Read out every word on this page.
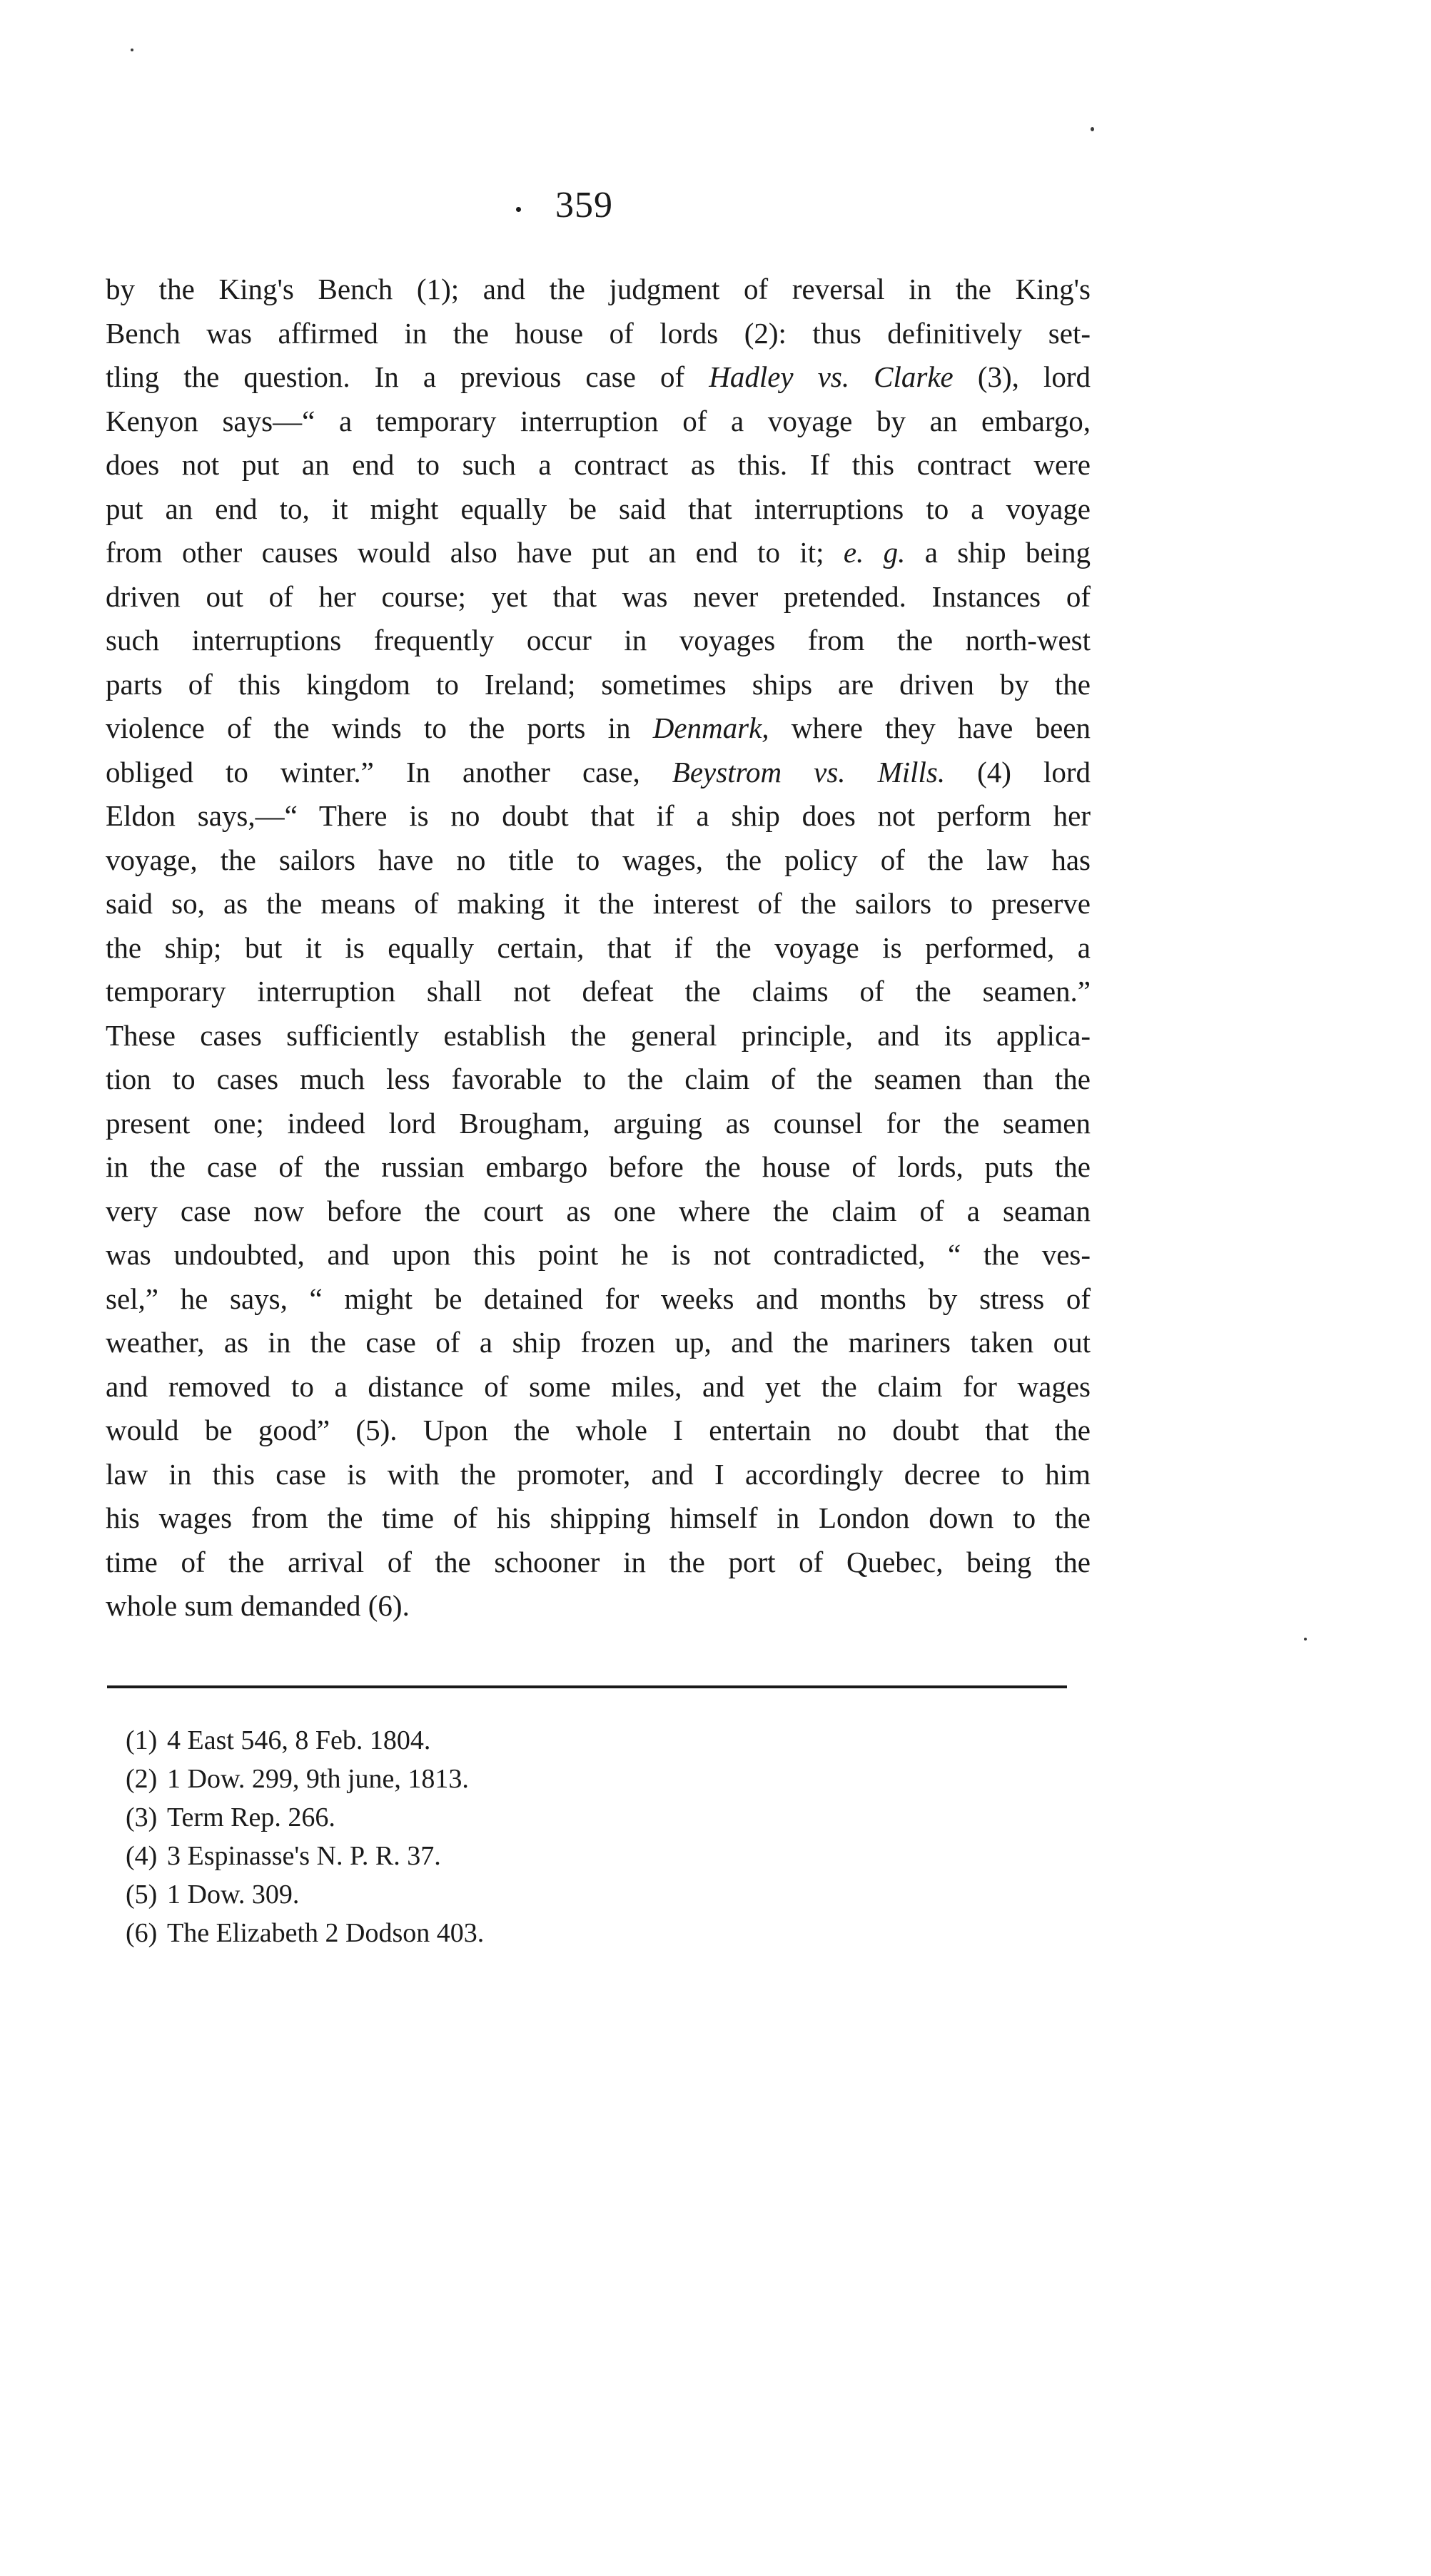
359
by the King's Bench (1); and the judgment of reversal in the King's
Bench was affirmed in the house of lords (2): thus definitively set-
tling the question. In a previous case of Hadley vs. Clarke (3), lord
Kenyon says—“ a temporary interruption of a voyage by an embargo,
does not put an end to such a contract as this. If this contract were
put an end to, it might equally be said that interruptions to a voyage
from other causes would also have put an end to it; e. g. a ship being
driven out of her course; yet that was never pretended. Instances of
such interruptions frequently occur in voyages from the north-west
parts of this kingdom to Ireland; sometimes ships are driven by the
violence of the winds to the ports in Denmark, where they have been
obliged to winter.” In another case, Beystrom vs. Mills. (4) lord
Eldon says,—“ There is no doubt that if a ship does not perform her
voyage, the sailors have no title to wages, the policy of the law has
said so, as the means of making it the interest of the sailors to preserve
the ship; but it is equally certain, that if the voyage is performed, a
temporary interruption shall not defeat the claims of the seamen.”
These cases sufficiently establish the general principle, and its applica-
tion to cases much less favorable to the claim of the seamen than the
present one; indeed lord Brougham, arguing as counsel for the seamen
in the case of the russian embargo before the house of lords, puts the
very case now before the court as one where the claim of a seaman
was undoubted, and upon this point he is not contradicted, “ the ves-
sel,” he says, “ might be detained for weeks and months by stress of
weather, as in the case of a ship frozen up, and the mariners taken out
and removed to a distance of some miles, and yet the claim for wages
would be good” (5). Upon the whole I entertain no doubt that the
law in this case is with the promoter, and I accordingly decree to him
his wages from the time of his shipping himself in London down to the
time of the arrival of the schooner in the port of Quebec, being the
whole sum demanded (6).
(1) 4 East 546, 8 Feb. 1804.
(2) 1 Dow. 299, 9th june, 1813.
(3) Term Rep. 266.
(4) 3 Espinasse's N. P. R. 37.
(5) 1 Dow. 309.
(6) The Elizabeth 2 Dodson 403.
